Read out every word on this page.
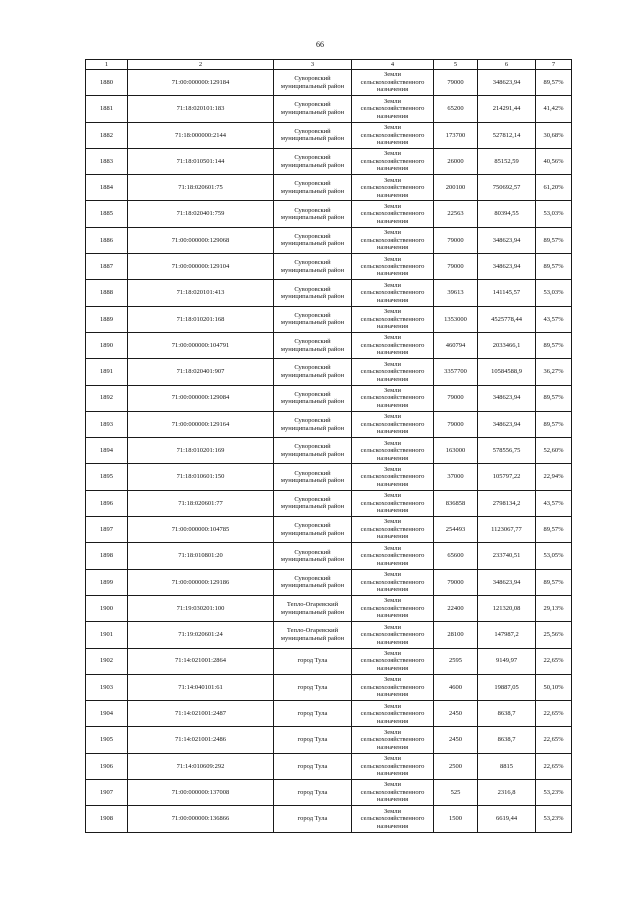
66
1	2	3	4	5	6	7
1880	71:00:000000:129184	Суворовский
муниципальный район	Земли
сельскохозяйственного
назначения	79000	348623,94	89,57%
1881	71:18:020101:183	Суворовский
муниципальный район	Земли
сельскохозяйственного
назначения	65200	214291,44	41,42%
1882	71:18:000000:2144	Суворовский
муниципальный район	Земли
сельскохозяйственного
назначения	173700	527812,14	30,68%
1883	71:18:010501:144	Суворовский
муниципальный район	Земли
сельскохозяйственного
назначения	26000	85152,59	40,56%
1884	71:18:020601:75	Суворовский
муниципальный район	Земли
сельскохозяйственного
назначения	200100	750692,57	61,20%
1885	71:18:020401:759	Суворовский
муниципальный район	Земли
сельскохозяйственного
назначения	22563	80394,55	53,03%
1886	71:00:000000:129068	Суворовский
муниципальный район	Земли
сельскохозяйственного
назначения	79000	348623,94	89,57%
1887	71:00:000000:129104	Суворовский
муниципальный район	Земли
сельскохозяйственного
назначения	79000	348623,94	89,57%
1888	71:18:020101:413	Суворовский
муниципальный район	Земли
сельскохозяйственного
назначения	39613	141145,57	53,03%
1889	71:18:010201:168	Суворовский
муниципальный район	Земли
сельскохозяйственного
назначения	1353000	4525778,44	43,57%
1890	71:00:000000:104791	Суворовский
муниципальный район	Земли
сельскохозяйственного
назначения	460794	2033466,1	89,57%
1891	71:18:020401:907	Суворовский
муниципальный район	Земли
сельскохозяйственного
назначения	3357700	10584588,9	36,27%
1892	71:00:000000:129084	Суворовский
муниципальный район	Земли
сельскохозяйственного
назначения	79000	348623,94	89,57%
1893	71:00:000000:129164	Суворовский
муниципальный район	Земли
сельскохозяйственного
назначения	79000	348623,94	89,57%
1894	71:18:010201:169	Суворовский
муниципальный район	Земли
сельскохозяйственного
назначения	163000	578556,75	52,60%
1895	71:18:010601:150	Суворовский
муниципальный район	Земли
сельскохозяйственного
назначения	37000	105797,22	22,94%
1896	71:18:020601:77	Суворовский
муниципальный район	Земли
сельскохозяйственного
назначения	836858	2798134,2	43,57%
1897	71:00:000000:104785	Суворовский
муниципальный район	Земли
сельскохозяйственного
назначения	254493	1123067,77	89,57%
1898	71:18:010801:20	Суворовский
муниципальный район	Земли
сельскохозяйственного
назначения	65600	233740,51	53,05%
1899	71:00:000000:129186	Суворовский
муниципальный район	Земли
сельскохозяйственного
назначения	79000	348623,94	89,57%
1900	71:19:030201:100	Тепло-Огаревский
муниципальный район	Земли
сельскохозяйственного
назначения	22400	121320,08	29,13%
1901	71:19:020601:24	Тепло-Огаревский
муниципальный район	Земли
сельскохозяйственного
назначения	28100	147987,2	25,56%
1902	71:14:021001:2864	город Тула	Земли
сельскохозяйственного
назначения	2595	9149,97	22,65%
1903	71:14:040101:61	город Тула	Земли
сельскохозяйственного
назначения	4600	19887,05	50,10%
1904	71:14:021001:2487	город Тула	Земли
сельскохозяйственного
назначения	2450	8638,7	22,65%
1905	71:14:021001:2486	город Тула	Земли
сельскохозяйственного
назначения	2450	8638,7	22,65%
1906	71:14:010609:292	город Тула	Земли
сельскохозяйственного
назначения	2500	8815	22,65%
1907	71:00:000000:137008	город Тула	Земли
сельскохозяйственного
назначения	525	2316,8	53,23%
1908	71:00:000000:136866	город Тула	Земли
сельскохозяйственного
назначения	1500	6619,44	53,23%
